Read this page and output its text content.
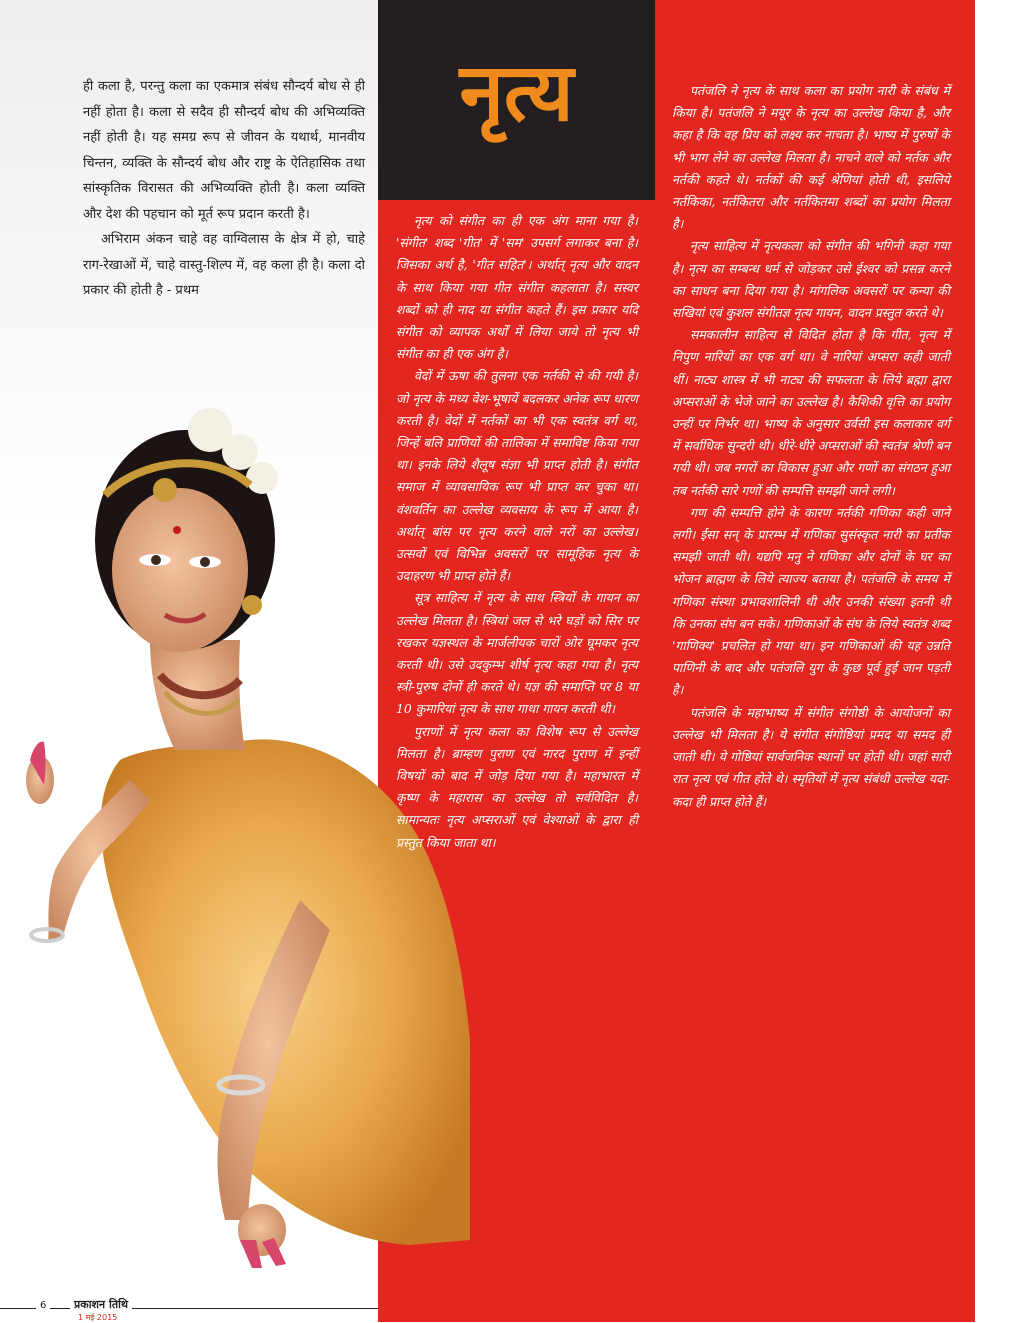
नृत्य

ही कला है, परन्तु कला का एकमात्र संबंध सौन्दर्य बोध से ही नहीं होता है। कला से सदैव ही सौन्दर्य बोध की अभिव्यक्ति नहीं होती है। यह समग्र रूप से जीवन के यथार्थ, मानवीय चिन्तन, व्यक्ति के सौन्दर्य बोध और राष्ट्र के ऐतिहासिक तथा सांस्कृतिक विरासत की अभिव्यक्ति होती है। कला व्यक्ति और देश की पहचान को मूर्त रूप प्रदान करती है।

अभिराम अंकन चाहे वह वाग्विलास के क्षेत्र में हो, चाहे राग-रेखाओं में, चाहे वास्तु-शिल्प में, वह कला ही है। कला दो प्रकार की होती है - प्रथम

नृत्य को संगीत का ही एक अंग माना गया है। 'संगीत' शब्द 'गीत' में 'सम' उपसर्ग लगाकर बना है। जिसका अर्थ है, 'गीत सहित'। अर्थात् नृत्य और वादन के साथ किया गया गीत संगीत कहलाता है। सस्वर शब्दों को ही नाद या संगीत कहते हैं। इस प्रकार यदि संगीत को व्यापक अर्थों में लिया जाये तो नृत्य भी संगीत का ही एक अंग है।

वेदों में ऊषा की तुलना एक नर्तकी से की गयी है। जो नृत्य के मध्य वेश-भूषायें बदलकर अनेक रूप धारण करती है। वेदों में नर्तकों का भी एक स्वतंत्र वर्ग था, जिन्हें बलि प्राणियों की तालिका में समाविष्ट किया गया था। इनके लिये शैलूष संज्ञा भी प्राप्त होती है। संगीत समाज में व्यावसायिक रूप भी प्राप्त कर चुका था। वंशवर्तिन का उल्लेख व्यवसाय के रूप में आया है। अर्थात् बांस पर नृत्य करने वाले नरों का उल्लेख। उत्सवों एवं विभिन्न अवसरों पर सामूहिक नृत्य के उदाहरण भी प्राप्त होते हैं।

सूत्र साहित्य में नृत्य के साथ स्त्रियों के गायन का उल्लेख मिलता है। स्त्रियां जल से भरे घड़ों को सिर पर रखकर यज्ञस्थल के मार्जलीयक चारों ओर घूमकर नृत्य करती थी। उसे उदकुम्भ शीर्ष नृत्य कहा गया है। नृत्य स्त्री-पुरुष दोनों ही करते थे। यज्ञ की समाप्ति पर 8 या 10 कुमारियां नृत्य के साथ गाथा गायन करती थी।

पुराणों में नृत्य कला का विशेष रूप से उल्लेख मिलता है। ब्राम्हण पुराण एवं नारद पुराण में इन्हीं विषयों को बाद में जोड़ दिया गया है। महाभारत में कृष्ण के महारास का उल्लेख तो सर्वविदित है। सामान्यतः नृत्य अप्सराओं एवं वेश्याओं के द्वारा ही प्रस्तुत किया जाता था।

पतंजलि ने नृत्य के साथ कला का प्रयोग नारी के संबंध में किया है। पतंजलि ने मयूर के नृत्य का उल्लेख किया है, और कहा है कि वह प्रिय को लक्ष्य कर नाचता है। भाष्य में पुरुषों के भी भाग लेने का उल्लेख मिलता है। नाचने वाले को नर्तक और नर्तकी कहते थे। नर्तकों की कई श्रेणियां होती थी, इसलिये नर्तकिका, नर्तकितरा और नर्तकितमा शब्दों का प्रयोग मिलता है।

नृत्य साहित्य में नृत्यकला को संगीत की भगिनी कहा गया है। नृत्य का सम्बन्ध धर्म से जोड़कर उसे ईश्वर को प्रसन्न करने का साधन बना दिया गया है। मांगलिक अवसरों पर कन्या की सखियां एवं कुशल संगीतज्ञ नृत्य गायन, वादन प्रस्तुत करते थे।

समकालीन साहित्य से विदित होता है कि गीत, नृत्य में निपुण नारियों का एक वर्ग था। वे नारियां अप्सरा कही जाती थीं। नाट्य शास्त्र में भी नाट्य की सफलता के लिये ब्रह्मा द्वारा अप्सराओं के भेजे जाने का उल्लेख है। कैशिकी वृत्ति का प्रयोग उन्हीं पर निर्भर था। भाष्य के अनुसार उर्वसी इस कलाकार वर्ग में सर्वाधिक सुन्दरी थी। धीरे-धीरे अप्सराओं की स्वतंत्र श्रेणी बन गयी थी। जब नगरों का विकास हुआ और गणों का संगठन हुआ तब नर्तकी सारे गणों की सम्पत्ति समझी जाने लगी।

गण की सम्पत्ति होने के कारण नर्तकी गणिका कही जाने लगी। ईसा सन् के प्रारम्भ में गणिका सुसंस्कृत नारी का प्रतीक समझी जाती थी। यद्यपि मनु ने गणिका और दोनों के घर का भोजन ब्राह्मण के लिये त्याज्य बताया है। पतंजलि के समय में गणिका संस्था प्रभावशालिनी थी और उनकी संख्या इतनी थी कि उनका संघ बन सके। गणिकाओं के संघ के लिये स्वतंत्र शब्द 'गाणिक्य' प्रचलित हो गया था। इन गणिकाओं की यह उन्नति पाणिनी के बाद और पतंजलि युग के कुछ पूर्व हुई जान पड़ती है।

पतंजलि के महाभाष्य में संगीत संगोष्ठी के आयोजनों का उल्लेख भी मिलता है। ये संगीत संगोष्ठियां प्रमद या समद ही जाती थी। ये गोष्ठियां सार्वजनिक स्थानों पर होती थी। जहां सारी रात नृत्य एवं गीत होते थे। स्मृतियों में नृत्य संबंधी उल्लेख यदा-कदा ही प्राप्त होते हैं।

6	प्रकाशन तिथि
1 मई 2015
